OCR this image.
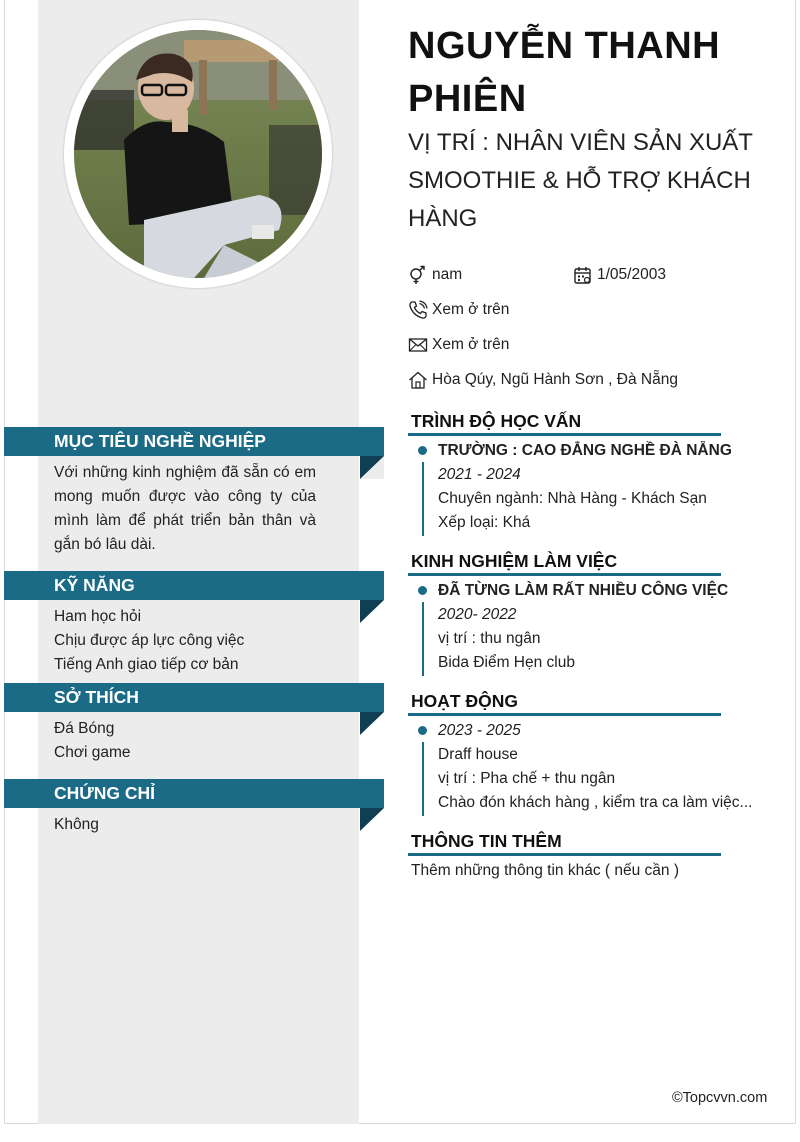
MỤC TIÊU NGHỀ NGHIỆP
Với những kinh nghiệm đã sẵn có em mong muốn được vào công ty của mình làm để phát triển bản thân và gắn bó lâu dài.
KỸ NĂNG
Ham học hỏi
Chịu được áp lực công việc
Tiếng Anh giao tiếp cơ bản
SỞ THÍCH
Đá Bóng
Chơi game
CHỨNG CHỈ
Không
NGUYỄN THANH PHIÊN
VỊ TRÍ : NHÂN VIÊN SẢN XUẤT SMOOTHIE & HỖ TRỢ KHÁCH HÀNG
nam	1/05/2003
Xem ở trên
Xem ở trên
Hòa Qúy, Ngũ Hành Sơn , Đà Nẵng
TRÌNH ĐỘ HỌC VẤN
TRƯỜNG : CAO ĐẲNG NGHỀ ĐÀ NẴNG
2021 - 2024
Chuyên ngành: Nhà Hàng - Khách Sạn
Xếp loại: Khá
KINH NGHIỆM LÀM VIỆC
ĐÃ TỪNG LÀM RẤT NHIỀU CÔNG VIỆC
2020- 2022
vị trí : thu ngân
Bida Điểm Hẹn club
HOẠT ĐỘNG
2023 - 2025
Draff house
vị trí : Pha chế + thu ngân
Chào đón khách hàng , kiểm tra ca làm việc...
THÔNG TIN THÊM
Thêm những thông tin khác ( nếu cần )
©Topcvvn.com
